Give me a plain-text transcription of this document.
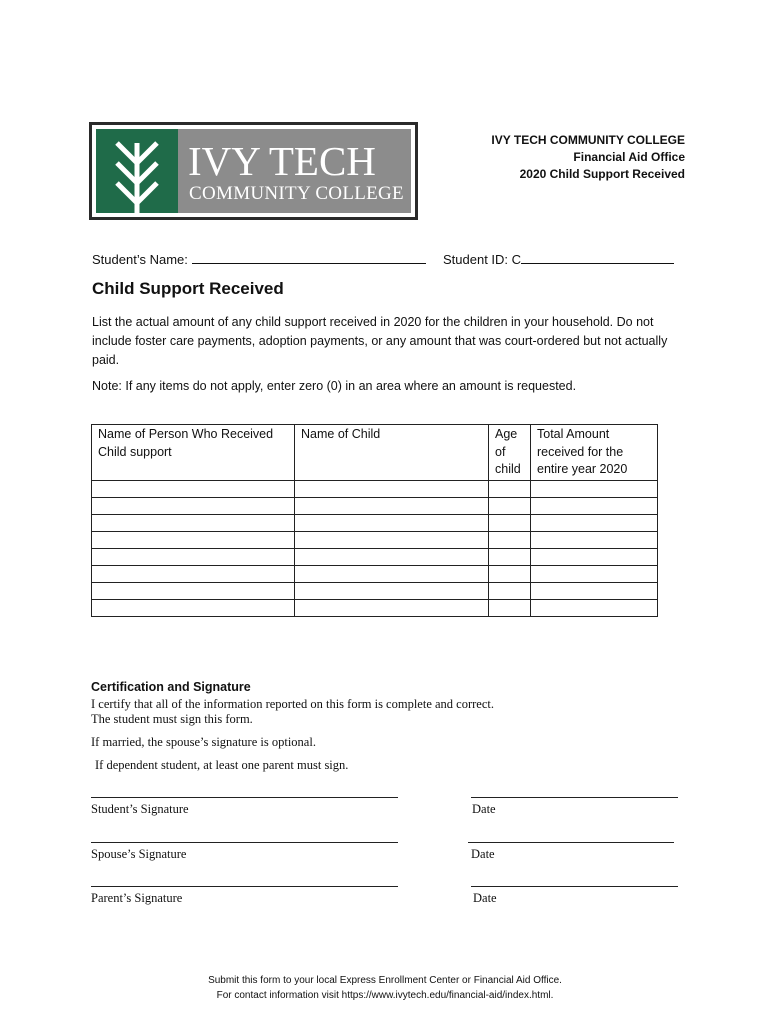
IVY TECH
COMMUNITY COLLEGE
IVY TECH COMMUNITY COLLEGE
Financial Aid Office
2020 Child Support Received
Student’s Name:	Student ID: C
Child Support Received
List the actual amount of any child support received in 2020 for the children in your household. Do not include foster care payments, adoption payments, or any amount that was court-ordered but not actually paid.
Note: If any items do not apply, enter zero (0) in an area where an amount is requested.
Name of Person Who Received Child support	Name of Child	Age of child	Total Amount received for the entire year 2020

Certification and Signature
I certify that all of the information reported on this form is complete and correct.
The student must sign this form.
If married, the spouse’s signature is optional.
If dependent student, at least one parent must sign.
Student’s Signature	Date
Spouse’s Signature	Date
Parent’s Signature	Date
Submit this form to your local Express Enrollment Center or Financial Aid Office.
For contact information visit https://www.ivytech.edu/financial-aid/index.html.
